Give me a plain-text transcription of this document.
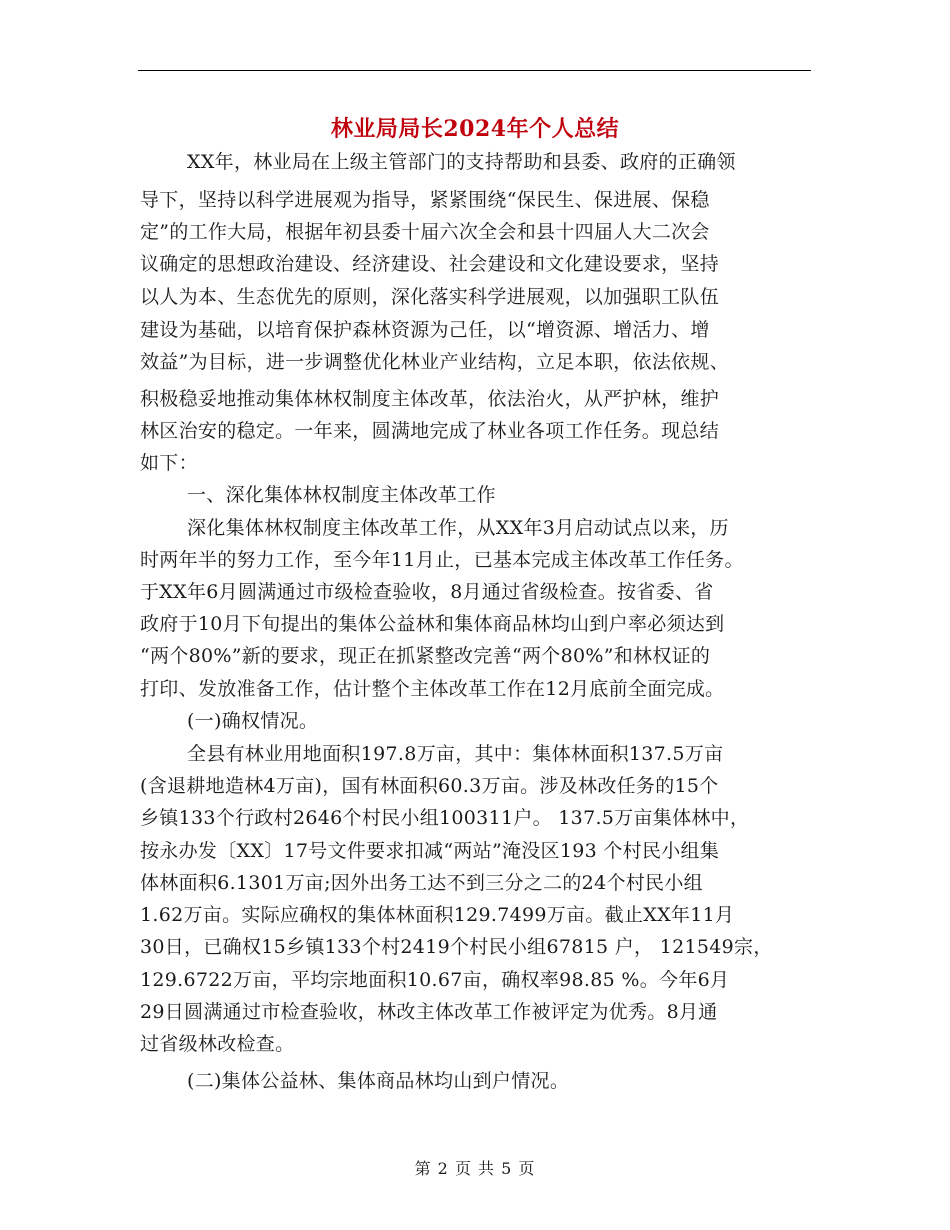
林业局局长2024年个人总结
XX年，林业局在上级主管部门的支持帮助和县委、政府的正确领
导下，坚持以科学进展观为指导，紧紧围绕“保民生、保进展、保稳
定”的工作大局，根据年初县委十届六次全会和县十四届人大二次会
议确定的思想政治建设、经济建设、社会建设和文化建设要求，坚持
以人为本、生态优先的原则，深化落实科学进展观，以加强职工队伍
建设为基础，以培育保护森林资源为己任，以“增资源、增活力、增
效益”为目标，进一步调整优化林业产业结构，立足本职，依法依规、
积极稳妥地推动集体林权制度主体改革，依法治火，从严护林，维护
林区治安的稳定。一年来，圆满地完成了林业各项工作任务。现总结
如下：
一、深化集体林权制度主体改革工作
深化集体林权制度主体改革工作，从XX年3月启动试点以来，历
时两年半的努力工作，至今年11月止，已基本完成主体改革工作任务。
于XX年6月圆满通过市级检查验收，8月通过省级检查。按省委、省
政府于10月下旬提出的集体公益林和集体商品林均山到户率必须达到
“两个80%”新的要求，现正在抓紧整改完善“两个80%”和林权证的
打印、发放准备工作，估计整个主体改革工作在12月底前全面完成。
(一)确权情况。
全县有林业用地面积197.8万亩，其中：集体林面积137.5万亩
(含退耕地造林4万亩)，国有林面积60.3万亩。涉及林改任务的15个
乡镇133个行政村2646个村民小组100311户。 137.5万亩集体林中，
按永办发〔XX〕17号文件要求扣减“两站”淹没区193 个村民小组集
体林面积6.1301万亩;因外出务工达不到三分之二的24个村民小组
1.62万亩。实际应确权的集体林面积129.7499万亩。截止XX年11月
30日，已确权15乡镇133个村2419个村民小组67815 户， 121549宗，
129.6722万亩，平均宗地面积10.67亩，确权率98.85 %。今年6月
29日圆满通过市检查验收，林改主体改革工作被评定为优秀。8月通
过省级林改检查。
(二)集体公益林、集体商品林均山到户情况。
第 2 页 共 5 页
